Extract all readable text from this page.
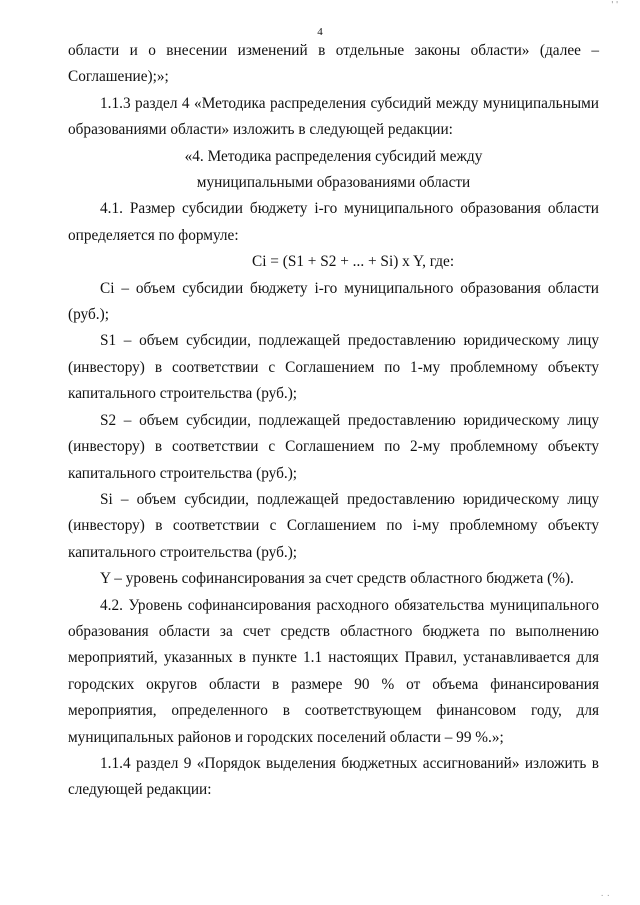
' '
4

области и о внесении изменений в отдельные законы области» (далее – Соглашение);»;

1.1.3 раздел 4 «Методика распределения субсидий между муниципальными образованиями области» изложить в следующей редакции:

«4. Методика распределения субсидий между муниципальными образованиями области

4.1. Размер субсидии бюджету i-го муниципального образования области определяется по формуле:

Ci = (S1 + S2 + ... + Si) x Y, где:

Ci – объем субсидии бюджету i-го муниципального образования области (руб.);

S1 – объем субсидии, подлежащей предоставлению юридическому лицу (инвестору) в соответствии с Соглашением по 1-му проблемному объекту капитального строительства (руб.);

S2 – объем субсидии, подлежащей предоставлению юридическому лицу (инвестору) в соответствии с Соглашением по 2-му проблемному объекту капитального строительства (руб.);

Si – объем субсидии, подлежащей предоставлению юридическому лицу (инвестору) в соответствии с Соглашением по i-му проблемному объекту капитального строительства (руб.);

Y – уровень софинансирования за счет средств областного бюджета (%).

4.2. Уровень софинансирования расходного обязательства муниципального образования области за счет средств областного бюджета по выполнению мероприятий, указанных в пункте 1.1 настоящих Правил, устанавливается для городских округов области в размере 90 % от объема финансирования мероприятия, определенного в соответствующем финансовом году, для муниципальных районов и городских поселений области – 99 %.»;

1.1.4 раздел 9 «Порядок выделения бюджетных ассигнований» изложить в следующей редакции:

· ·
